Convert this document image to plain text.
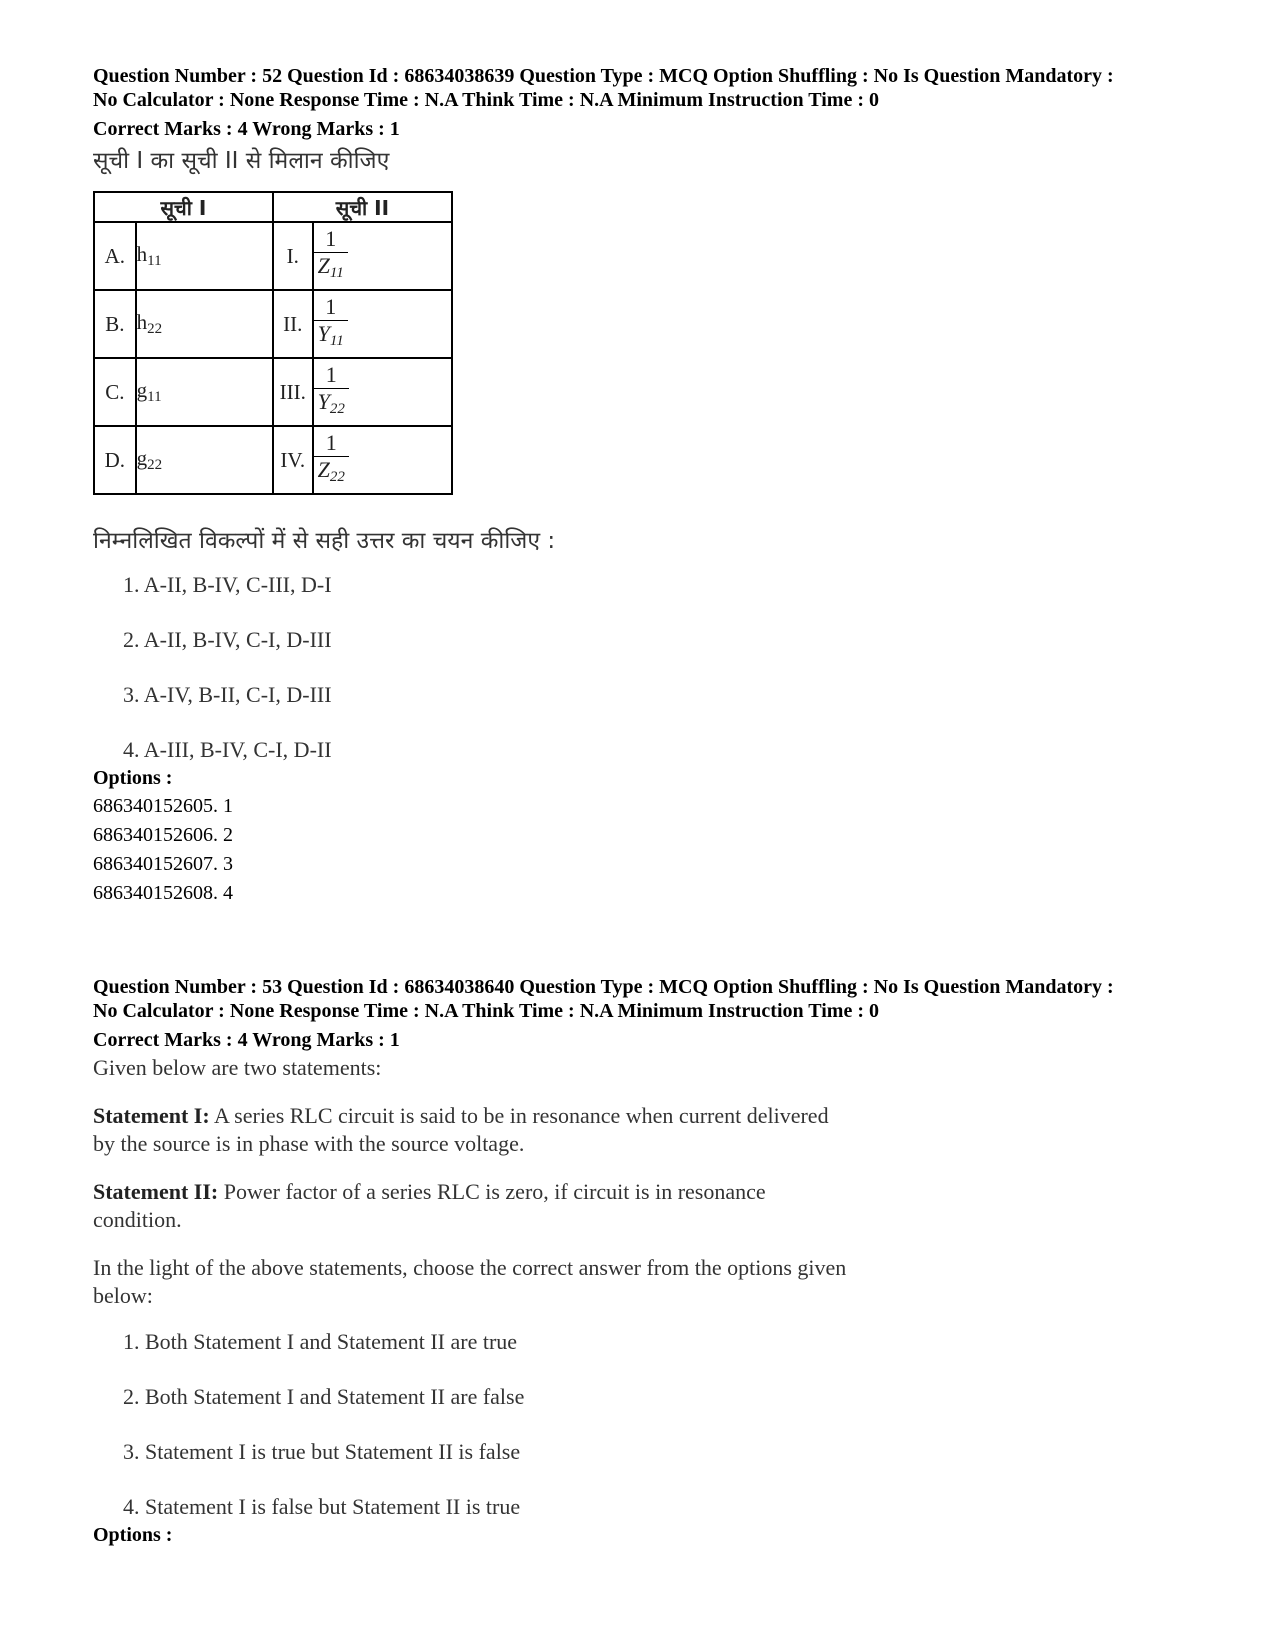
Question Number : 52 Question Id : 68634038639 Question Type : MCQ Option Shuffling : No Is Question Mandatory :

No Calculator : None Response Time : N.A Think Time : N.A Minimum Instruction Time : 0

Correct Marks : 4 Wrong Marks : 1
सूची I का सूची II से मिलान कीजिए
सूची I		सूची II	
A.	$h_{11}$	I.	$\frac{1}{Z_{11}}$

B.	$h_{22}$	II.	$\frac{1}{Y_{11}}$

C.	$g_{11}$	III.	$\frac{1}{Y_{22}}$

D.	$g_{22}$	IV.	$\frac{1}{Z_{22}}$
निम्नलिखित विकल्पों में से सही उत्तर का चयन कीजिए :
1. A-II, B-IV, C-III, D-I
2. A-II, B-IV, C-I, D-III
3. A-IV, B-II, C-I, D-III
4. A-III, B-IV, C-I, D-II
Options :
686340152605. 1
686340152606. 2
686340152607. 3
686340152608. 4

Question Number : 53 Question Id : 68634038640 Question Type : MCQ Option Shuffling : No Is Question Mandatory :

No Calculator : None Response Time : N.A Think Time : N.A Minimum Instruction Time : 0

Correct Marks : 4 Wrong Marks : 1
Given below are two statements:
Statement I: A series RLC circuit is said to be in resonance when current delivered by the source is in phase with the source voltage.
Statement II: Power factor of a series RLC is zero, if circuit is in resonance condition.
In the light of the above statements, choose the correct answer from the options given below:
1. Both Statement I and Statement II are true
2. Both Statement I and Statement II are false
3. Statement I is true but Statement II is false
4. Statement I is false but Statement II is true
Options :
